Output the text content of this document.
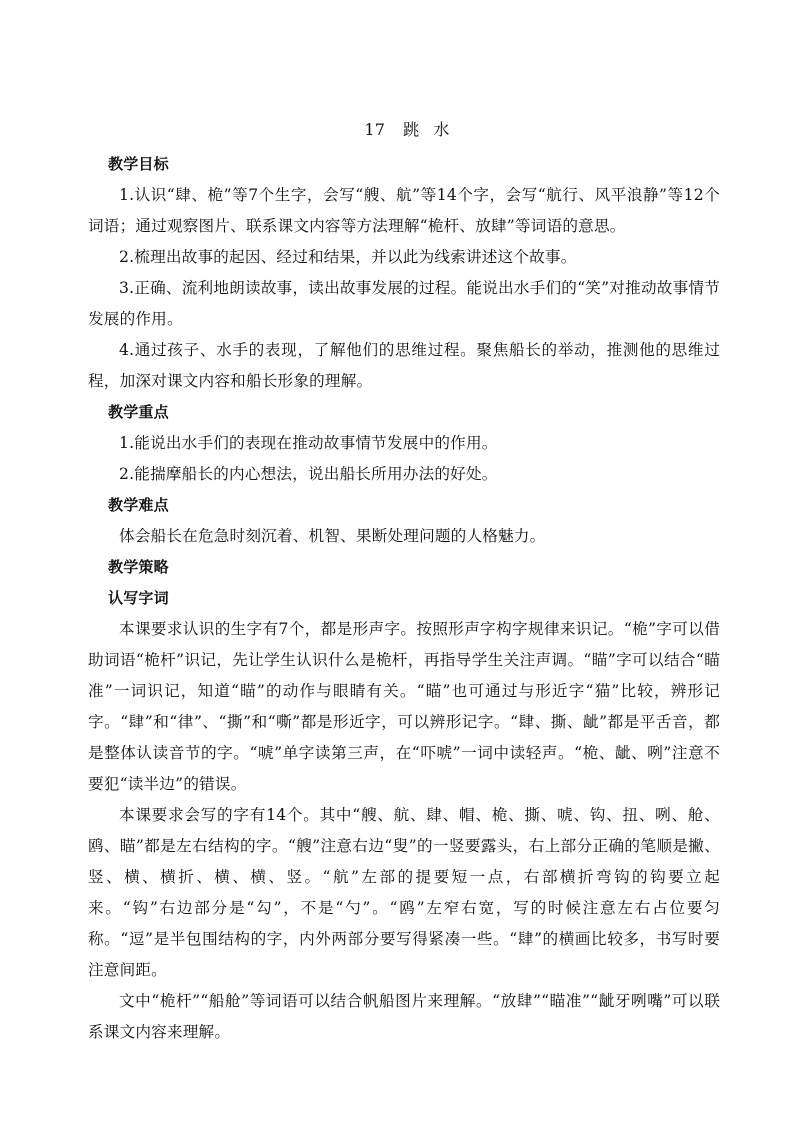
17 跳 水
教学目标

1.认识“肆、桅”等7个生字，会写“艘、航”等14个字，会写“航行、风平浪静”等12个词语；通过观察图片、联系课文内容等方法理解“桅杆、放肆”等词语的意思。

2.梳理出故事的起因、经过和结果，并以此为线索讲述这个故事。

3.正确、流利地朗读故事，读出故事发展的过程。能说出水手们的“笑”对推动故事情节发展的作用。

4.通过孩子、水手的表现，了解他们的思维过程。聚焦船长的举动，推测他的思维过程，加深对课文内容和船长形象的理解。

教学重点

1.能说出水手们的表现在推动故事情节发展中的作用。

2.能揣摩船长的内心想法，说出船长所用办法的好处。

教学难点

体会船长在危急时刻沉着、机智、果断处理问题的人格魅力。

教学策略
认写字词

本课要求认识的生字有7个，都是形声字。按照形声字构字规律来识记。“桅”字可以借助词语“桅杆”识记，先让学生认识什么是桅杆，再指导学生关注声调。“瞄”字可以结合“瞄准”一词识记，知道“瞄”的动作与眼睛有关。“瞄”也可通过与形近字“猫”比较，辨形记字。“肆”和“律”、“撕”和“嘶”都是形近字，可以辨形记字。“肆、撕、龇”都是平舌音，都是整体认读音节的字。“唬”单字读第三声，在“吓唬”一词中读轻声。“桅、龇、咧”注意不要犯“读半边”的错误。

本课要求会写的字有14个。其中“艘、航、肆、帽、桅、撕、唬、钩、扭、咧、舱、鸥、瞄”都是左右结构的字。“艘”注意右边“叟”的一竖要露头，右上部分正确的笔顺是撇、竖、横、横折、横、横、竖。“航”左部的提要短一点，右部横折弯钩的钩要立起来。“钩”右边部分是“勾”，不是“勺”。“鸥”左窄右宽，写的时候注意左右占位要匀称。“逗”是半包围结构的字，内外两部分要写得紧凑一些。“肆”的横画比较多，书写时要注意间距。

文中“桅杆”“船舱”等词语可以结合帆船图片来理解。“放肆”“瞄准”“龇牙咧嘴”可以联系课文内容来理解。
